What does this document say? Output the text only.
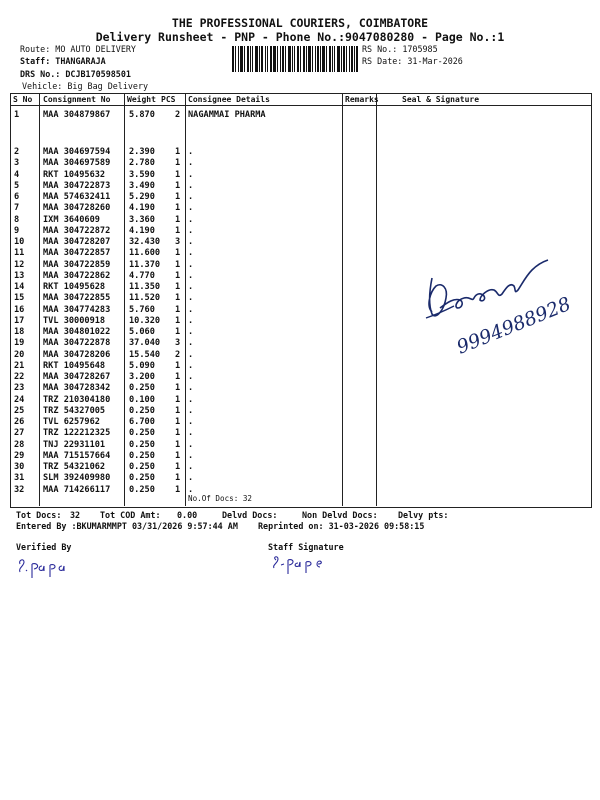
THE PROFESSIONAL COURIERS, COIMBATORE
Delivery Runsheet - PNP - Phone No.:9047080280 - Page No.:1
Route: MO AUTO DELIVERY
Staff: THANGARAJA
DRS No.: DCJB170598501
Vehicle: Big Bag Delivery
RS No.: 1705985
RS Date: 31-Mar-2026
S No Consignment No Weight PCS Consignee Details	Remarks	Seal & Signature
1	MAA 304879867 5.870 2 NAGAMMAI PHARMA
2	MAA 304697594 2.390 1 .
3	MAA 304697589 2.780 1 .
4	RKT 10495632	3.590 1 .
5	MAA 304722873 3.490 1 .
6	MAA 574632411 5.290 1 .
7	MAA 304728260 4.190 1 .
8	IXM 3640609	3.360 1 .
9	MAA 304722872 4.190 1 .
10 MAA 304728207 32.430 3 .
11 MAA 304722857 11.600 1 .
12 MAA 304722859 11.370 1 .
13 MAA 304722862 4.770 1 .
14 RKT 10495628	11.350 1 .
15 MAA 304722855 11.520 1 .
16 MAA 304774283 5.760 1 .
17 TVL 30000918	10.320 1 .
18 MAA 304801022 5.060 1 .
19 MAA 304722878 37.040 3 .
20 MAA 304728206 15.540 2 .
21 RKT 10495648	5.090 1 .
22 MAA 304728267 3.200 1 .
23 MAA 304728342 0.250 1 .
24 TRZ 210304180 0.100 1 .
25 TRZ 54327005	0.250 1 .
26 TVL 6257962	6.700 1 .
27 TRZ 122212325 0.250 1 .
28 TNJ 22931101	0.250 1 .
29 MAA 715157664 0.250 1 .
30 TRZ 54321062	0.250 1 .
31 SLM 392409980 0.250 1 .
32 MAA 714266117 0.250 1 .
No.Of Docs: 32
9994988928
Tot Docs: 32 Tot COD Amt: 0.00	Delvd Docs:	Non Delvd Docs: Delvy pts:
Entered By :BKUMARMMPT 03/31/2026 9:57:44 AM Reprinted on: 31-03-2026 09:58:15
Verified By	Staff Signature
